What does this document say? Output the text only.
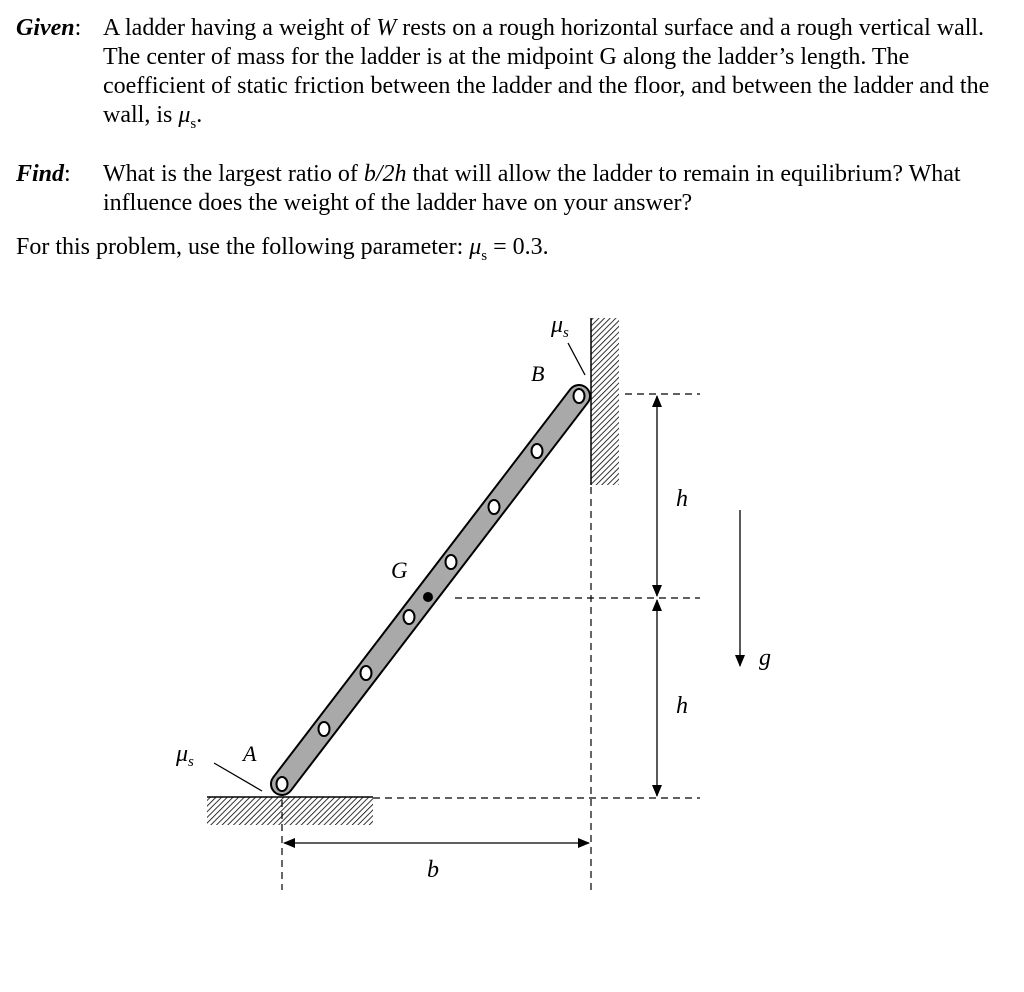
Given: A ladder having a weight of W rests on a rough horizontal surface and a rough vertical wall. The center of mass for the ladder is at the midpoint G along the ladder’s length. The coefficient of static friction between the ladder and the floor, and between the ladder and the wall, is $\mu_s$.
Find: What is the largest ratio of b/2h that will allow the ladder to remain in equilibrium? What influence does the weight of the ladder have on your answer?
For this problem, use the following parameter: $\mu_s = 0.3$.
$\mu_s$
B
G
A
$\mu_s$
h
h
b
g
